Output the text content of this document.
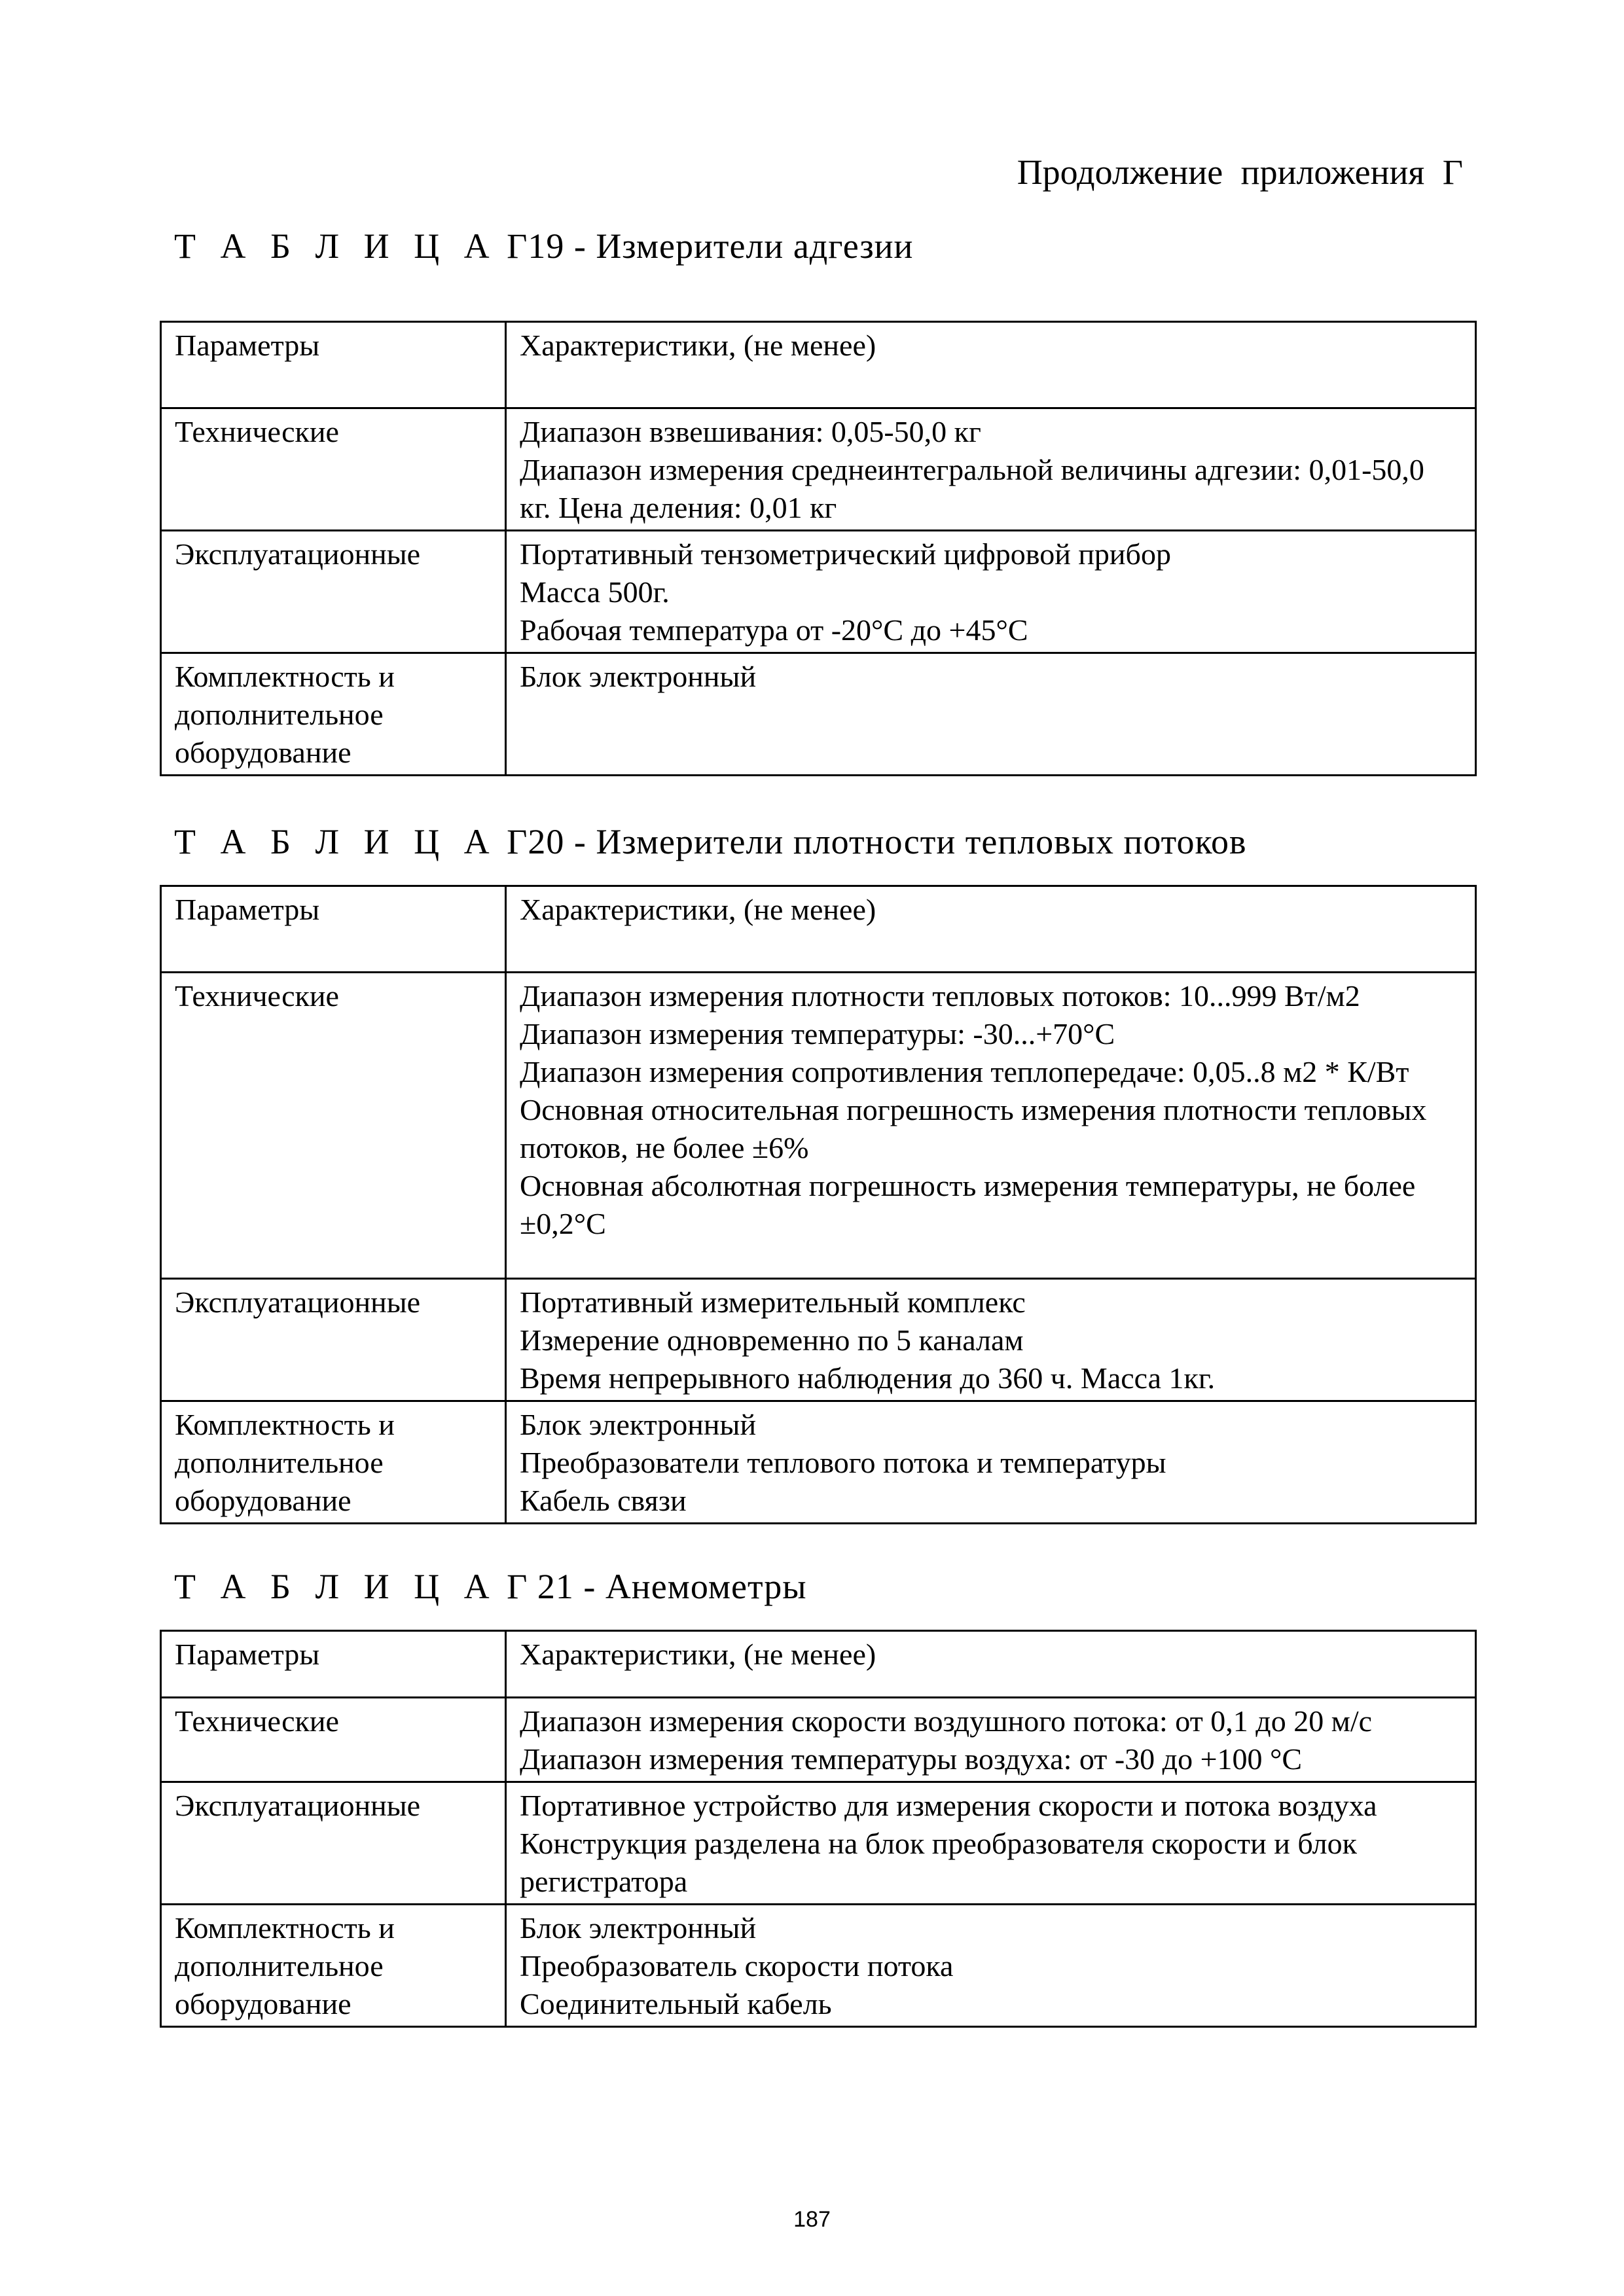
Продолжение приложения Г
Т А Б Л И Ц А Г19 - Измерители адгезии
Параметры	Характеристики, (не менее)

Технические	Диапазон взвешивания: 0,05-50,0 кг
Диапазон измерения среднеинтегральной величины адгезии: 0,01-50,0 кг. Цена деления: 0,01 кг

Эксплуатационные	Портативный тензометрический цифровой прибор
Масса 500г.
Рабочая температура от -20°С до +45°С

Комплектность и
дополнительное
оборудование	Блок электронный
Т А Б Л И Ц А Г20 - Измерители плотности тепловых потоков
Параметры	Характеристики, (не менее)

Технические	Диапазон измерения плотности тепловых потоков: 10...999 Вт/м2
Диапазон измерения температуры: -30...+70°С
Диапазон измерения сопротивления теплопередаче: 0,05..8 м2 * К/Вт
Основная относительная погрешность измерения плотности тепловых потоков, не более ±6%
Основная абсолютная погрешность измерения температуры, не более ±0,2°С

Эксплуатационные	Портативный измерительный комплекс
Измерение одновременно по 5 каналам
Время непрерывного наблюдения до 360 ч. Масса 1кг.

Комплектность и
дополнительное
оборудование	Блок электронный
Преобразователи теплового потока и температуры
Кабель связи
Т А Б Л И Ц А Г 21 - Анемометры
Параметры	Характеристики, (не менее)

Технические	Диапазон измерения скорости воздушного потока: от 0,1 до 20 м/с
Диапазон измерения температуры воздуха: от -30 до +100 °С

Эксплуатационные	Портативное устройство для измерения скорости и потока воздуха
Конструкция разделена на блок преобразователя скорости и блок регистратора

Комплектность и
дополнительное
оборудование	Блок электронный
Преобразователь скорости потока
Соединительный кабель
187
